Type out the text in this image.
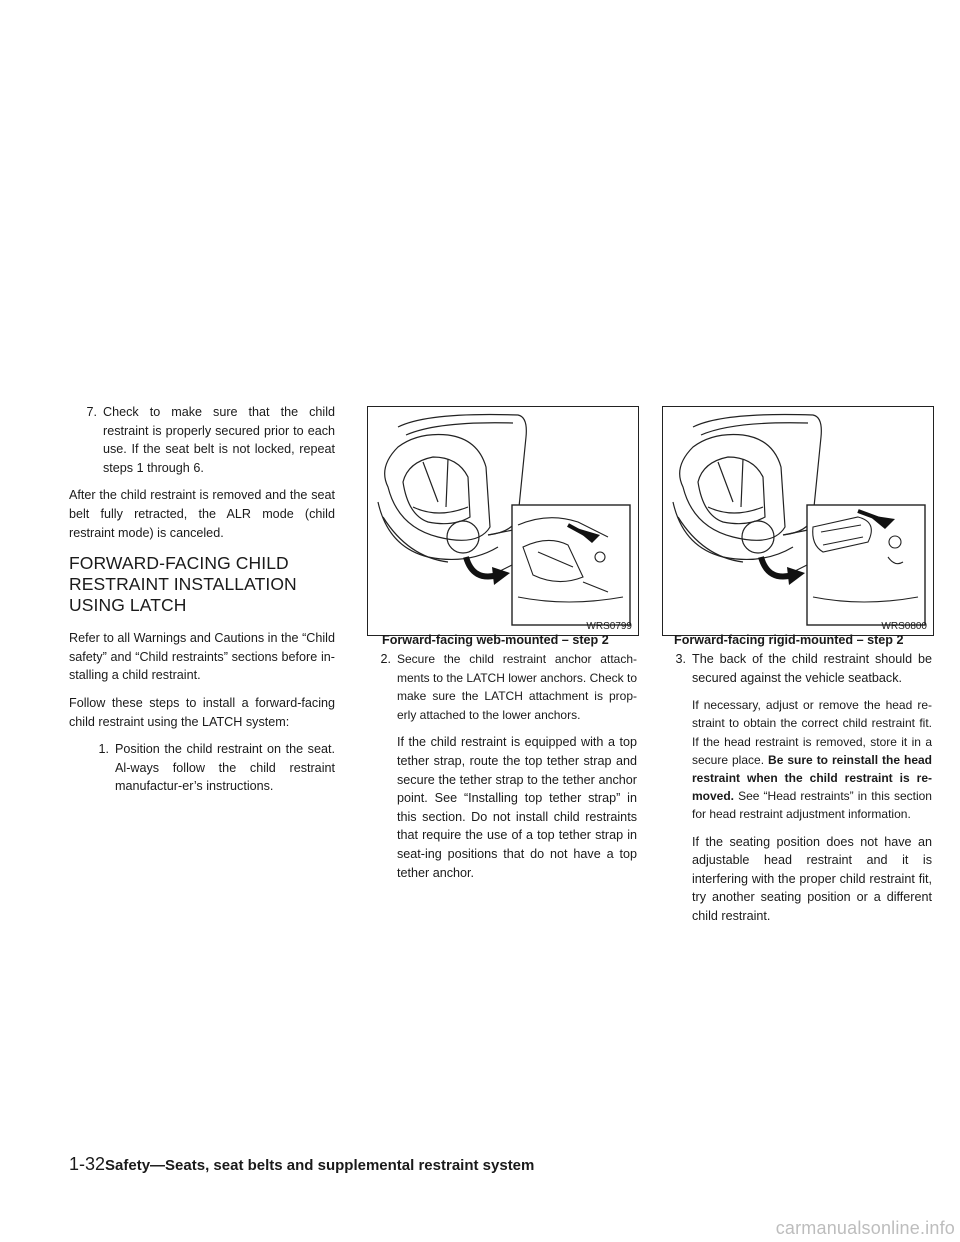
7. Check to make sure that the child restraint is properly secured prior to each use. If the seat belt is not locked, repeat steps 1 through 6.

After the child restraint is removed and the seat belt fully retracted, the ALR mode (child restraint mode) is canceled.

FORWARD-FACING CHILD RESTRAINT INSTALLATION USING LATCH

Refer to all Warnings and Cautions in the “Child safety” and “Child restraints” sections before in-stalling a child restraint.

Follow these steps to install a forward-facing child restraint using the LATCH system:

1. Position the child restraint on the seat. Al-ways follow the child restraint manufactur-er’s instructions.
WRS0799
Forward-facing web-mounted – step 2
WRS0800
Forward-facing rigid-mounted – step 2
2. Secure the child restraint anchor attach-ments to the LATCH lower anchors. Check to make sure the LATCH attachment is prop-erly attached to the lower anchors.

If the child restraint is equipped with a top tether strap, route the top tether strap and secure the tether strap to the tether anchor point. See “Installing top tether strap” in this section. Do not install child restraints that require the use of a top tether strap in seat-ing positions that do not have a top tether anchor.

3. The back of the child restraint should be secured against the vehicle seatback.

If necessary, adjust or remove the head re-straint to obtain the correct child restraint fit. If the head restraint is removed, store it in a secure place. Be sure to reinstall the head restraint when the child restraint is re-moved. See “Head restraints” in this section for head restraint adjustment information.

If the seating position does not have an adjustable head restraint and it is interfering with the proper child restraint fit, try another seating position or a different child restraint.

1-32Safety—Seats, seat belts and supplemental restraint system
carmanualsonline.info
